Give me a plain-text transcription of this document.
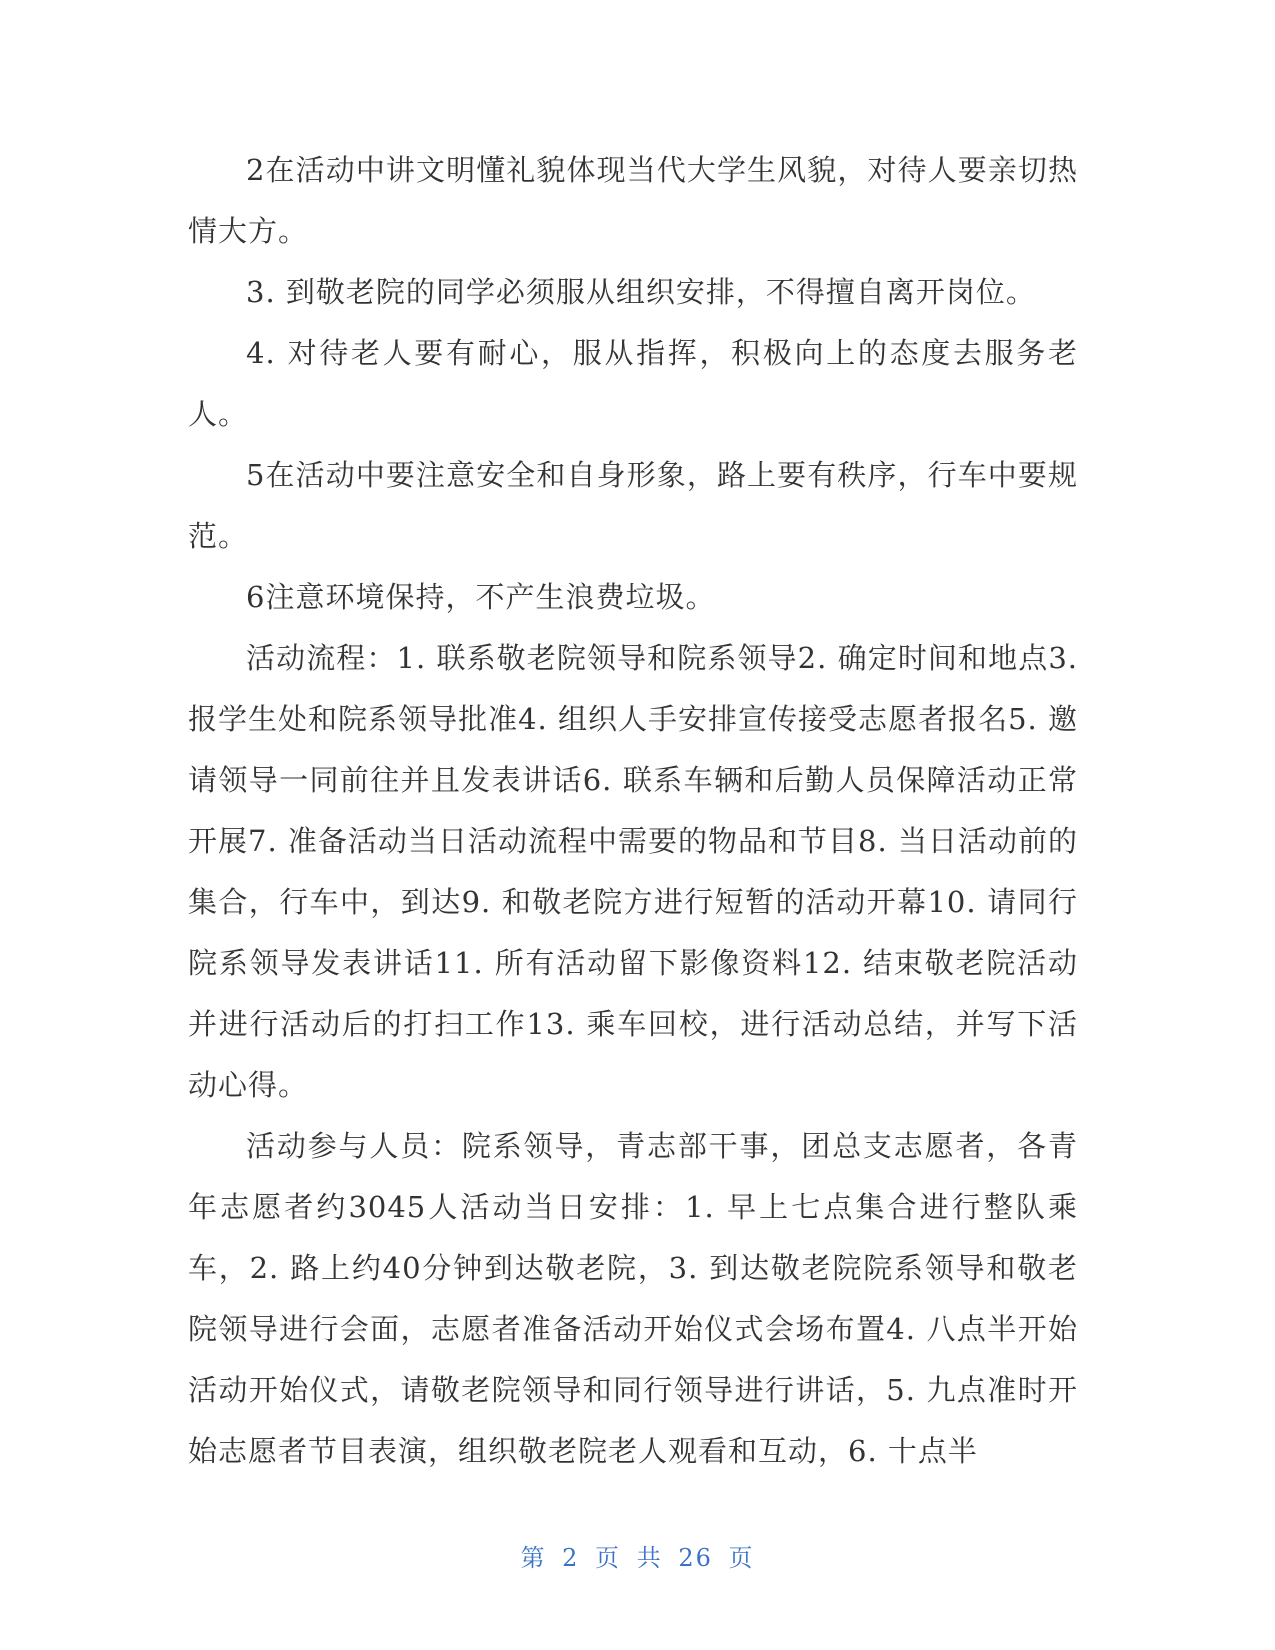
2在活动中讲文明懂礼貌体现当代大学生风貌，对待人要亲切热情大方。

3. 到敬老院的同学必须服从组织安排，不得擅自离开岗位。

4. 对待老人要有耐心，服从指挥，积极向上的态度去服务老人。

5在活动中要注意安全和自身形象，路上要有秩序，行车中要规范。

6注意环境保持，不产生浪费垃圾。

活动流程：1. 联系敬老院领导和院系领导2. 确定时间和地点3. 报学生处和院系领导批准4. 组织人手安排宣传接受志愿者报名5. 邀请领导一同前往并且发表讲话6. 联系车辆和后勤人员保障活动正常开展7. 准备活动当日活动流程中需要的物品和节目8. 当日活动前的集合，行车中，到达9. 和敬老院方进行短暂的活动开幕10. 请同行院系领导发表讲话11. 所有活动留下影像资料12. 结束敬老院活动并进行活动后的打扫工作13. 乘车回校，进行活动总结，并写下活动心得。

活动参与人员：院系领导，青志部干事，团总支志愿者，各青年志愿者约3045人活动当日安排：1. 早上七点集合进行整队乘车，2. 路上约40分钟到达敬老院，3. 到达敬老院院系领导和敬老院领导进行会面，志愿者准备活动开始仪式会场布置4. 八点半开始活动开始仪式，请敬老院领导和同行领导进行讲话，5. 九点准时开始志愿者节目表演，组织敬老院老人观看和互动，6. 十点半

第 2 页 共 26 页
